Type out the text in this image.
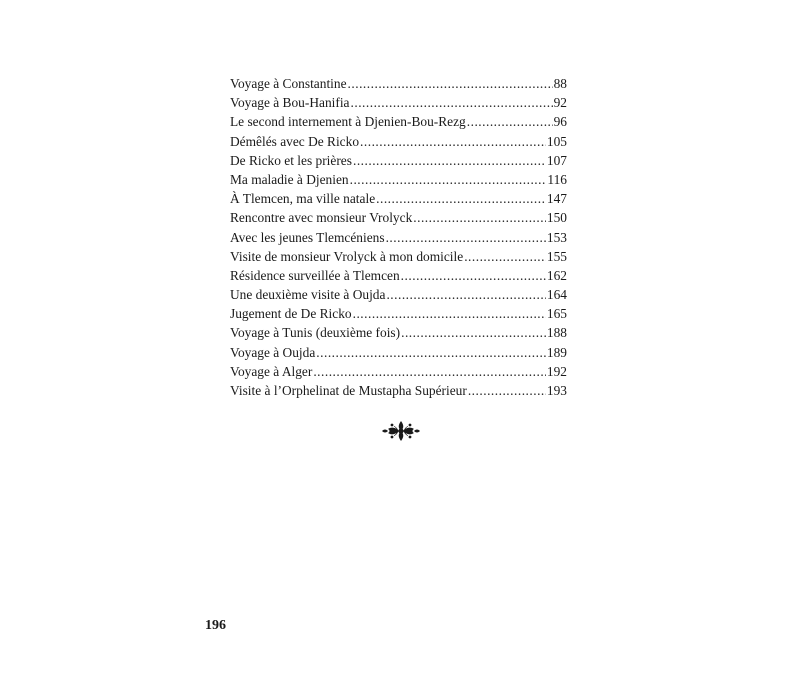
Voyage à Constantine .....	88
Voyage à Bou-Hanifia .....	92
Le second internement à Djenien-Bou-Rezg .....	96
Démêlés avec De Ricko .....	105
De Ricko et les prières .....	107
Ma maladie à Djenien .....	116
À Tlemcen, ma ville natale .....	147
Rencontre avec monsieur Vrolyck .....	150
Avec les jeunes Tlemcéniens .....	153
Visite de monsieur Vrolyck à mon domicile .....	155
Résidence surveillée à Tlemcen .....	162
Une deuxième visite à Oujda .....	164
Jugement de De Ricko .....	165
Voyage à Tunis (deuxième fois) .....	188
Voyage à Oujda .....	189
Voyage à Alger .....	192
Visite à l’Orphelinat de Mustapha Supérieur .....	193
196
